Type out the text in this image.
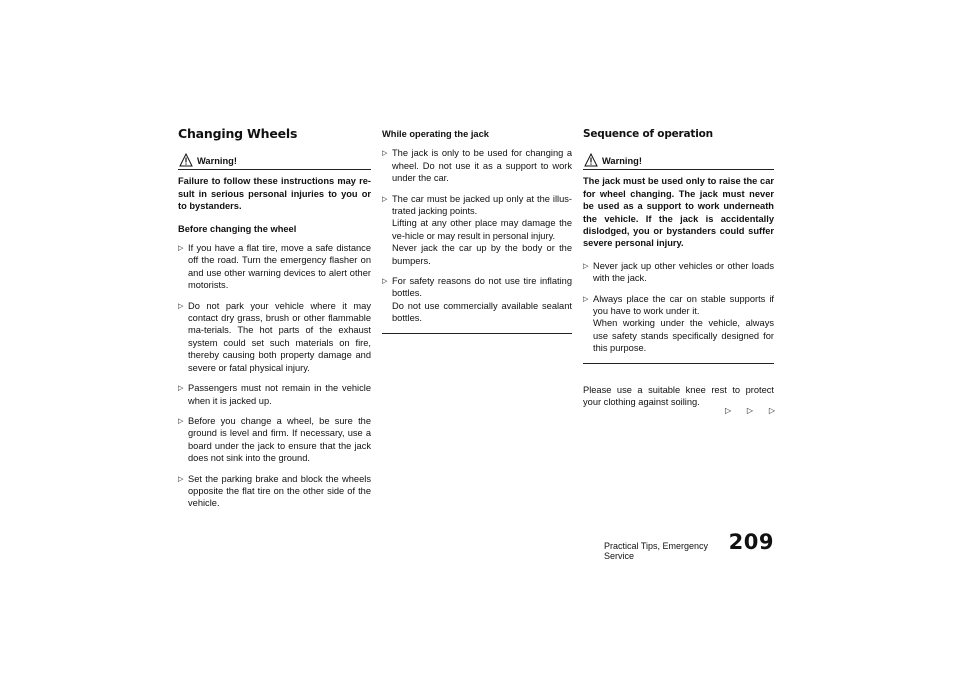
Changing Wheels
Warning!

Failure to follow these instructions may re-sult in serious personal injuries to you or to bystanders.

Before changing the wheel

▷ If you have a flat tire, move a safe distance off the road. Turn the emergency flasher on and use other warning devices to alert other motorists.
▷ Do not park your vehicle where it may contact dry grass, brush or other flammable ma-terials. The hot parts of the exhaust system could set such materials on fire, thereby causing both property damage and severe or fatal physical injury.
▷ Passengers must not remain in the vehicle when it is jacked up.
▷ Before you change a wheel, be sure the ground is level and firm. If necessary, use a board under the jack to ensure that the jack does not sink into the ground.
▷ Set the parking brake and block the wheels opposite the flat tire on the other side of the vehicle.

While operating the jack

▷ The jack is only to be used for changing a wheel. Do not use it as a support to work under the car.
▷ The car must be jacked up only at the illus-trated jacking points.
Lifting at any other place may damage the ve-hicle or may result in personal injury.
Never jack the car up by the body or the bumpers.
▷ For safety reasons do not use tire inflating bottles.
Do not use commercially available sealant bottles.
Sequence of operation
Warning!

The jack must be used only to raise the car for wheel changing. The jack must never be used as a support to work underneath the vehicle. If the jack is accidentally dislodged, you or bystanders could suffer severe personal injury.

▷ Never jack up other vehicles or other loads with the jack.
▷ Always place the car on stable supports if you have to work under it.
When working under the vehicle, always use safety stands specifically designed for this purpose.

Please use a suitable knee rest to protect your clothing against soiling.

▷ ▷ ▷
Practical Tips, Emergency Service
209
